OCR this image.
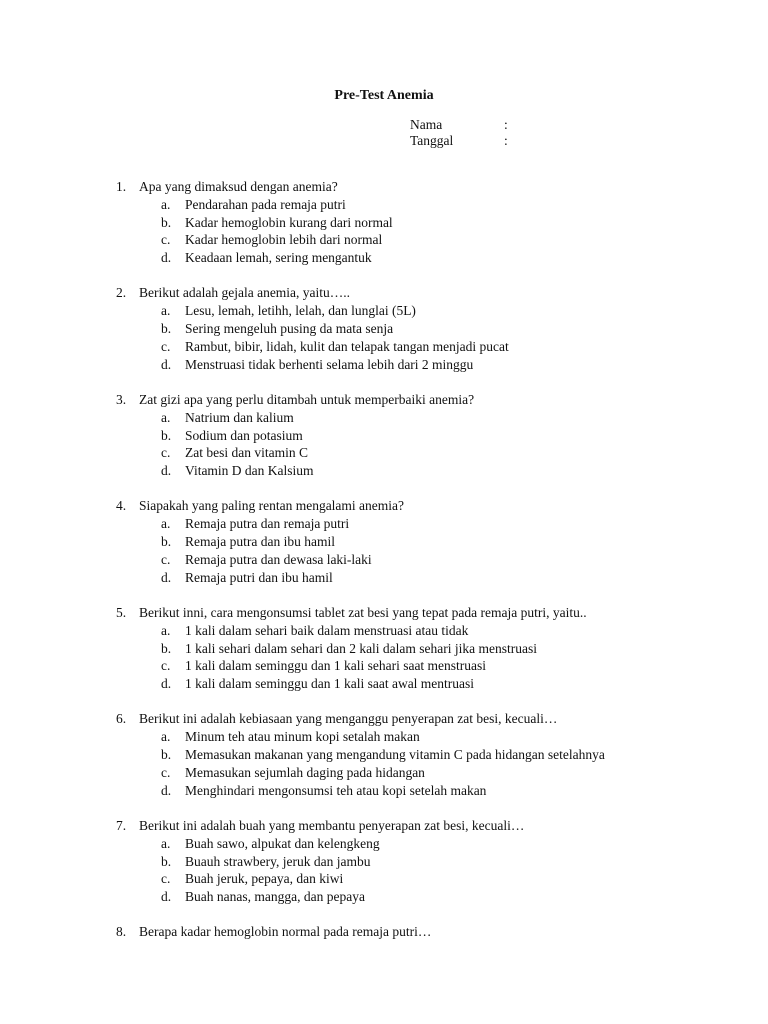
Pre-Test Anemia
Nama	:
Tanggal	:
1. Apa yang dimaksud dengan anemia?
a. Pendarahan pada remaja putri
b. Kadar hemoglobin kurang dari normal
c. Kadar hemoglobin lebih dari normal
d. Keadaan lemah, sering mengantuk
2. Berikut adalah gejala anemia, yaitu…..
a. Lesu, lemah, letihh, lelah, dan lunglai (5L)
b. Sering mengeluh pusing da mata senja
c. Rambut, bibir, lidah, kulit dan telapak tangan menjadi pucat
d. Menstruasi tidak berhenti selama lebih dari 2 minggu
3. Zat gizi apa yang perlu ditambah untuk memperbaiki anemia?
a. Natrium dan kalium
b. Sodium dan potasium
c. Zat besi dan vitamin C
d. Vitamin D dan Kalsium
4. Siapakah yang paling rentan mengalami anemia?
a. Remaja putra dan remaja putri
b. Remaja putra dan ibu hamil
c. Remaja putra dan dewasa laki-laki
d. Remaja putri dan ibu hamil
5. Berikut inni, cara mengonsumsi tablet zat besi yang tepat pada remaja putri, yaitu..
a. 1 kali dalam sehari baik dalam menstruasi atau tidak
b. 1 kali sehari dalam sehari dan 2 kali dalam sehari jika menstruasi
c. 1 kali dalam seminggu dan 1 kali sehari saat menstruasi
d. 1 kali dalam seminggu dan 1 kali saat awal mentruasi
6. Berikut ini adalah kebiasaan yang menganggu penyerapan zat besi, kecuali…
a. Minum teh atau minum kopi setalah makan
b. Memasukan makanan yang mengandung vitamin C pada hidangan setelahnya
c. Memasukan sejumlah daging pada hidangan
d. Menghindari mengonsumsi teh atau kopi setelah makan
7. Berikut ini adalah buah yang membantu penyerapan zat besi, kecuali…
a. Buah sawo, alpukat dan kelengkeng
b. Buauh strawbery, jeruk dan jambu
c. Buah jeruk, pepaya, dan kiwi
d. Buah nanas, mangga, dan pepaya
8. Berapa kadar hemoglobin normal pada remaja putri…
